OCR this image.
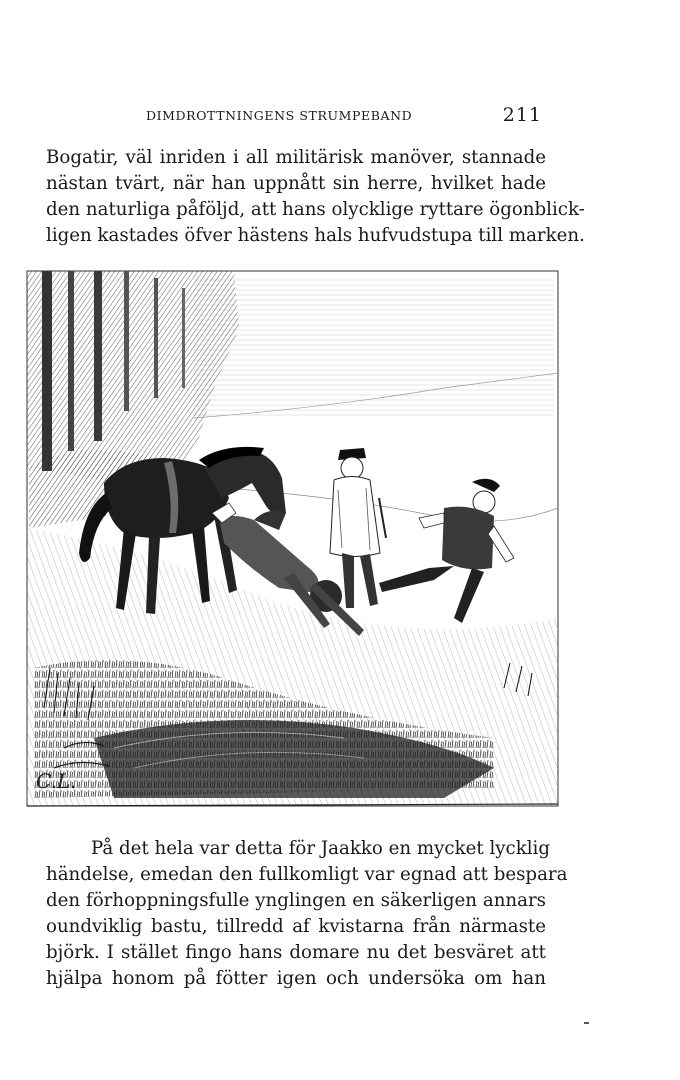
DIMDROTTNINGENS STRUMPEBAND	211
Bogatir, väl inriden i all militärisk manöver, stannade
nästan tvärt, när han uppnått sin herre, hvilket hade
den naturliga påföljd, att hans olycklige ryttare ögonblick-
ligen kastades öfver hästens hals hufvudstupa till marken.
C.L.
På det hela var detta för Jaakko en mycket lycklig
händelse, emedan den fullkomligt var egnad att bespara
den förhoppningsfulle ynglingen en säkerligen annars
oundviklig bastu, tillredd af kvistarna från närmaste
björk. I stället fingo hans domare nu det besväret att
hjälpa honom på fötter igen och undersöka om han
